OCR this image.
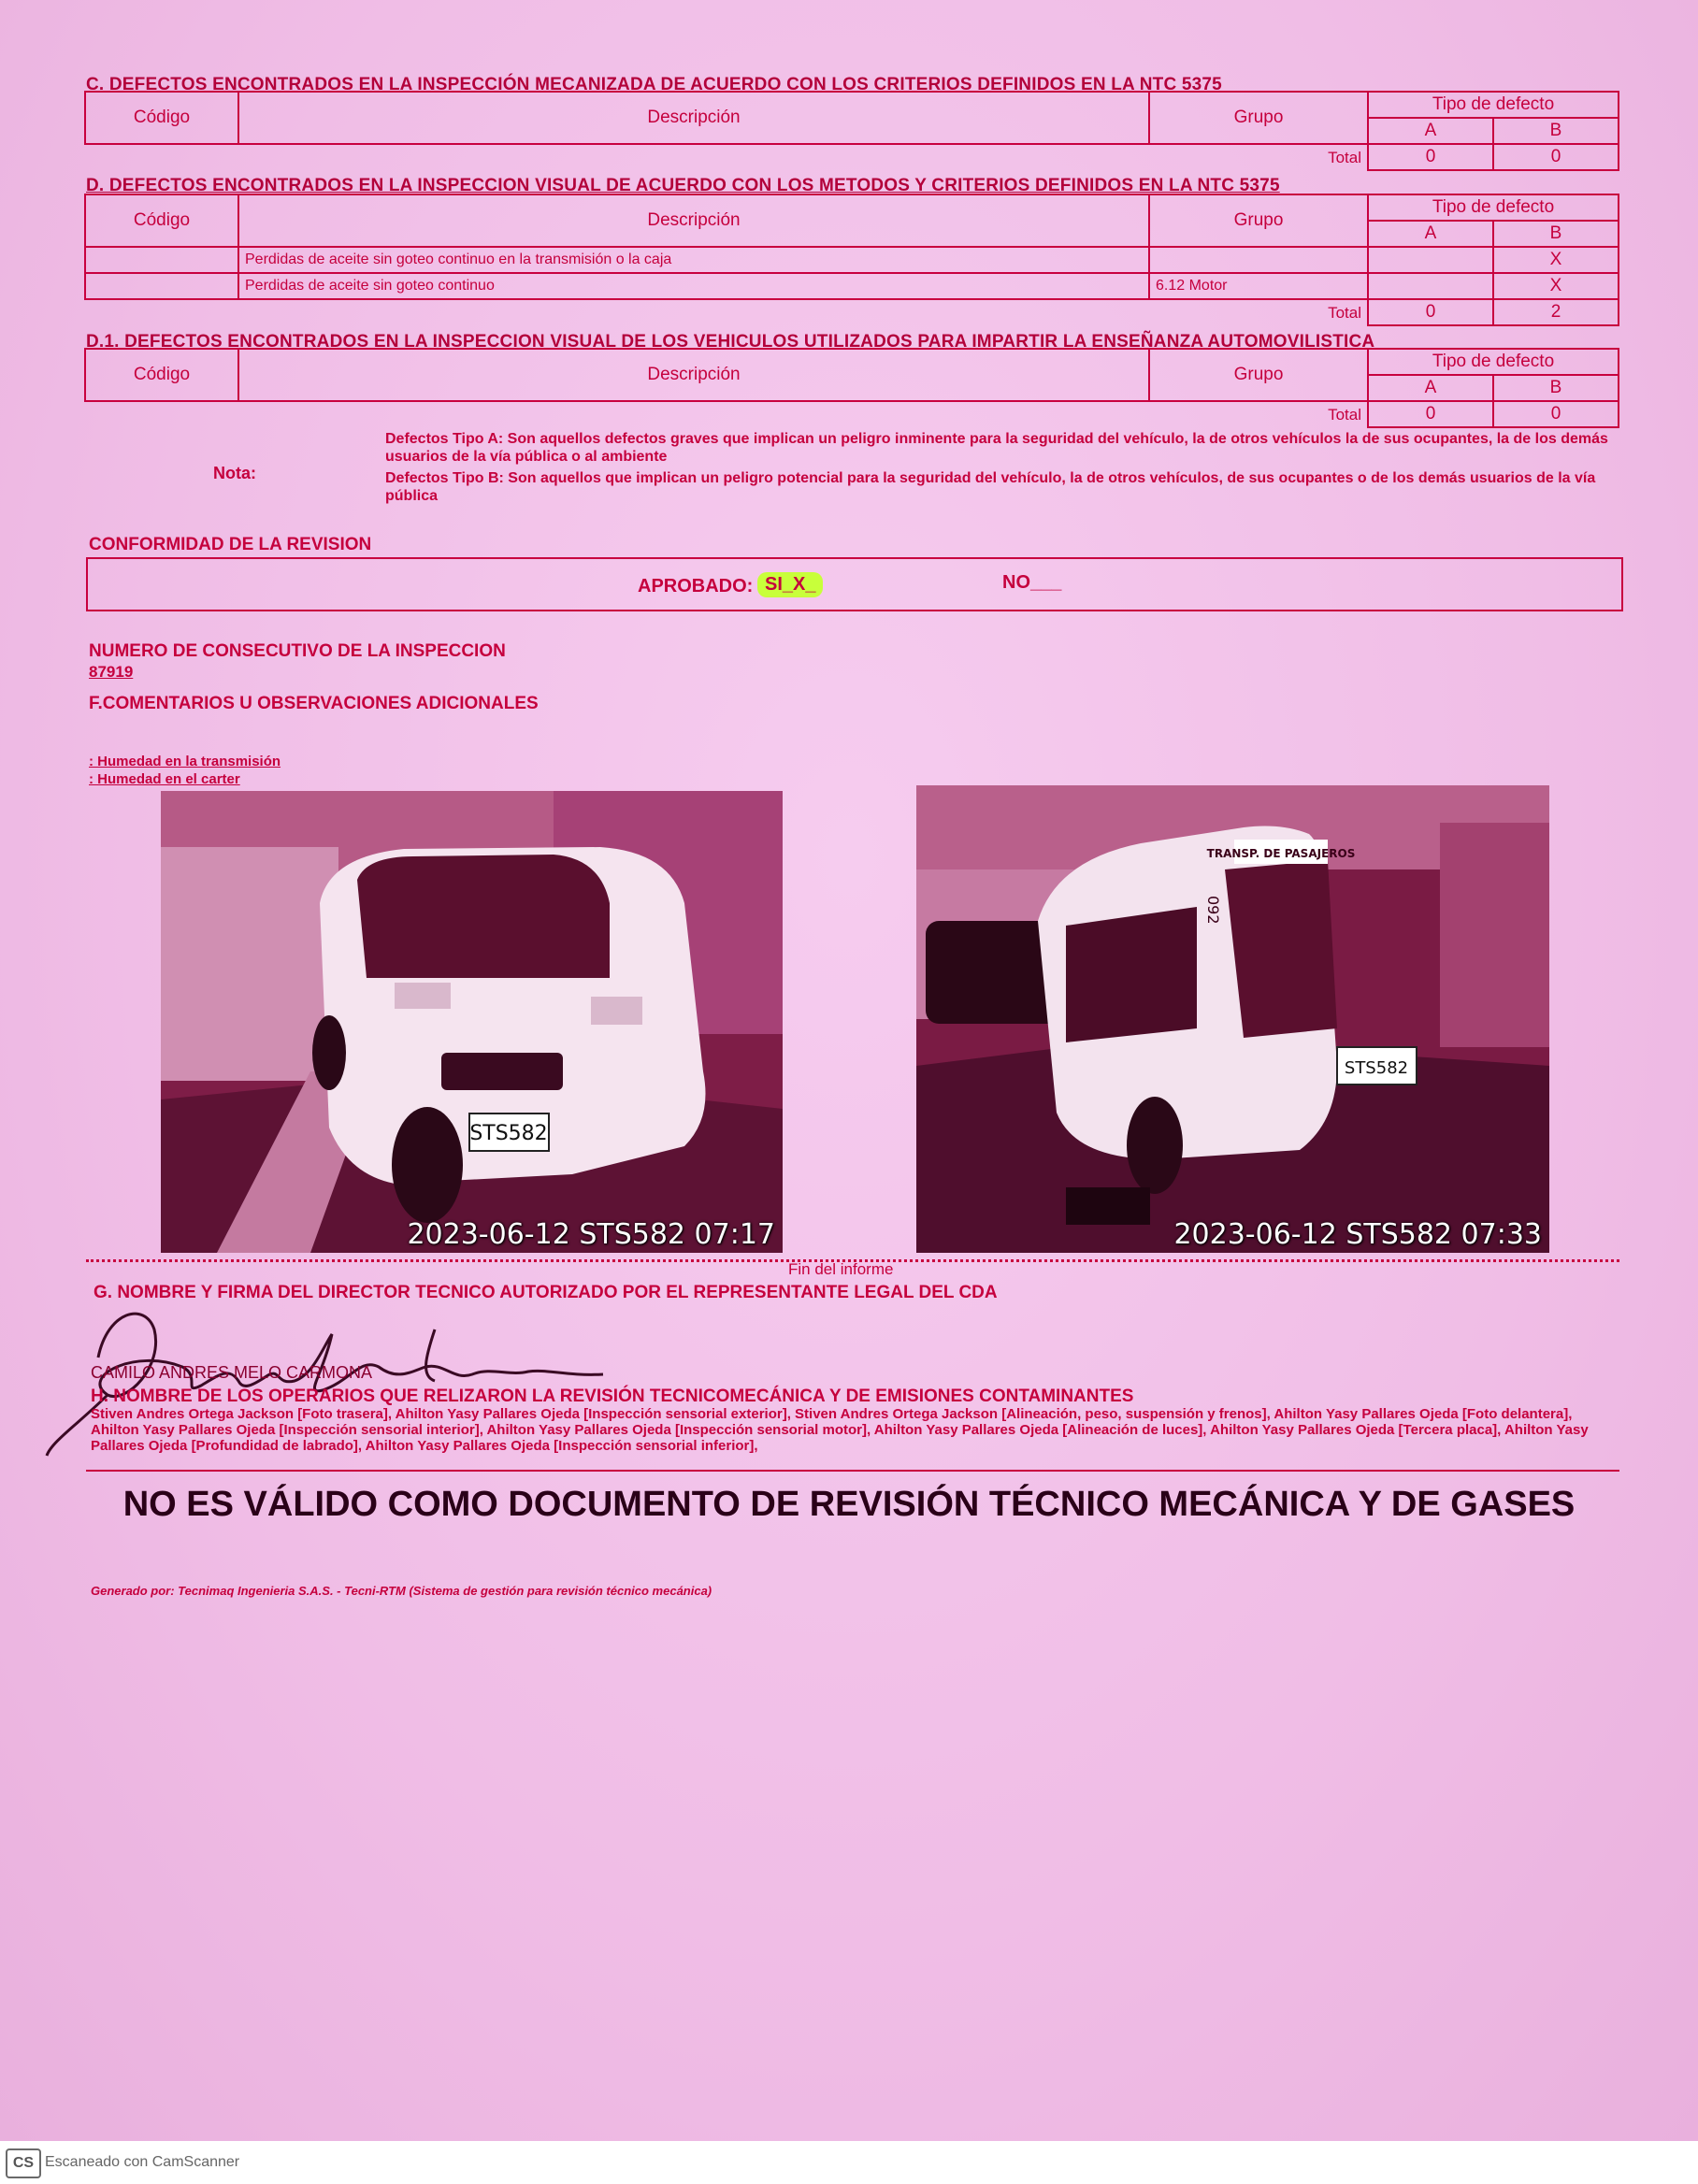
C. DEFECTOS ENCONTRADOS EN LA INSPECCIÓN MECANIZADA DE ACUERDO CON LOS CRITERIOS DEFINIDOS EN LA NTC 5375
Código	Descripción	Grupo	Tipo de defecto	
			A	B
		Total	0	0
D. DEFECTOS ENCONTRADOS EN LA INSPECCION VISUAL DE ACUERDO CON LOS METODOS Y CRITERIOS DEFINIDOS EN LA NTC 5375
Código	Descripción	Grupo	Tipo de defecto	
			A	B
	Perdidas de aceite sin goteo continuo en la transmisión o la caja			X
	Perdidas de aceite sin goteo continuo	6.12 Motor		X
		Total	0	2
D.1. DEFECTOS ENCONTRADOS EN LA INSPECCION VISUAL DE LOS VEHICULOS UTILIZADOS PARA IMPARTIR LA ENSEÑANZA AUTOMOVILISTICA
Código	Descripción	Grupo	Tipo de defecto	
			A	B
		Total	0	0
Nota:
Defectos Tipo A: Son aquellos defectos graves que implican un peligro inminente para la seguridad del vehículo, la de otros vehículos la de sus ocupantes, la de los demás usuarios de la vía pública o al ambiente
Defectos Tipo B: Son aquellos que implican un peligro potencial para la seguridad del vehículo, la de otros vehículos, de sus ocupantes o de los demás usuarios de la vía pública
CONFORMIDAD DE LA REVISION
APROBADO: SI_X_	NO___
NUMERO DE CONSECUTIVO DE LA INSPECCION
87919
F.COMENTARIOS U OBSERVACIONES ADICIONALES
: Humedad en la transmisión
: Humedad en el carter
STS582
2023-06-12 STS582 07:17
TRANSP. DE PASAJEROS
092
STS582
2023-06-12 STS582 07:33
Fin del informe
G. NOMBRE Y FIRMA DEL DIRECTOR TECNICO AUTORIZADO POR EL REPRESENTANTE LEGAL DEL CDA
CAMILO ANDRES MELO CARMONA
H. NOMBRE DE LOS OPERARIOS QUE RELIZARON LA REVISIÓN TECNICOMECÁNICA Y DE EMISIONES CONTAMINANTES
Stiven Andres Ortega Jackson [Foto trasera], Ahilton Yasy Pallares Ojeda [Inspección sensorial exterior], Stiven Andres Ortega Jackson [Alineación, peso, suspensión y frenos], Ahilton Yasy Pallares Ojeda [Foto delantera], Ahilton Yasy Pallares Ojeda [Inspección sensorial interior], Ahilton Yasy Pallares Ojeda [Inspección sensorial motor], Ahilton Yasy Pallares Ojeda [Alineación de luces], Ahilton Yasy Pallares Ojeda [Tercera placa], Ahilton Yasy Pallares Ojeda [Profundidad de labrado], Ahilton Yasy Pallares Ojeda [Inspección sensorial inferior],
NO ES VÁLIDO COMO DOCUMENTO DE REVISIÓN TÉCNICO MECÁNICA Y DE GASES
Generado por: Tecnimaq Ingenieria S.A.S. - Tecni-RTM (Sistema de gestión para revisión técnico mecánica)
CS Escaneado con CamScanner
